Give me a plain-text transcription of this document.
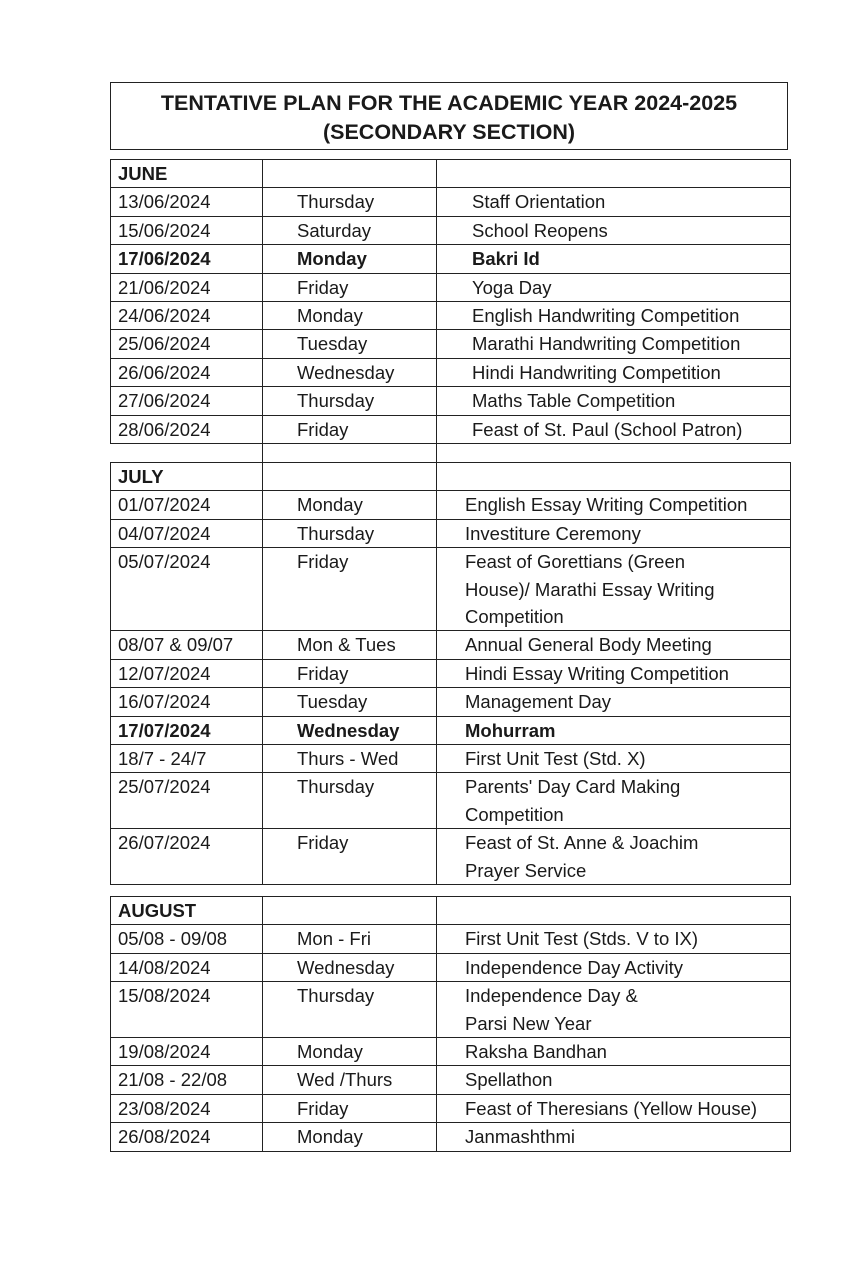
TENTATIVE PLAN FOR THE ACADEMIC YEAR 2024-2025
(SECONDARY SECTION)
JUNE		
13/06/2024	Thursday	Staff Orientation

15/06/2024	Saturday	School Reopens

17/06/2024	Monday	Bakri Id

21/06/2024	Friday	Yoga Day

24/06/2024	Monday	English Handwriting Competition

25/06/2024	Tuesday	Marathi Handwriting Competition

26/06/2024	Wednesday	Hindi Handwriting Competition

27/06/2024	Thursday	Maths Table Competition

28/06/2024	Friday	Feast of St. Paul (School Patron)
JULY		
01/07/2024	Monday	English Essay Writing Competition

04/07/2024	Thursday	Investiture Ceremony

05/07/2024	Friday	Feast of Gorettians (Green
House)/ Marathi Essay Writing
Competition

08/07 & 09/07	Mon & Tues	Annual General Body Meeting

12/07/2024	Friday	Hindi Essay Writing Competition

16/07/2024	Tuesday	Management Day

17/07/2024	Wednesday	Mohurram

18/7 - 24/7	Thurs - Wed	First Unit Test (Std. X)

25/07/2024	Thursday	Parents' Day Card Making
Competition

26/07/2024	Friday	Feast of St. Anne & Joachim
Prayer Service
AUGUST		
05/08 - 09/08	Mon - Fri	First Unit Test (Stds. V to IX)

14/08/2024	Wednesday	Independence Day Activity

15/08/2024	Thursday	Independence Day &
Parsi New Year

19/08/2024	Monday	Raksha Bandhan

21/08 - 22/08	Wed /Thurs	Spellathon

23/08/2024	Friday	Feast of Theresians (Yellow House)

26/08/2024	Monday	Janmashthmi
